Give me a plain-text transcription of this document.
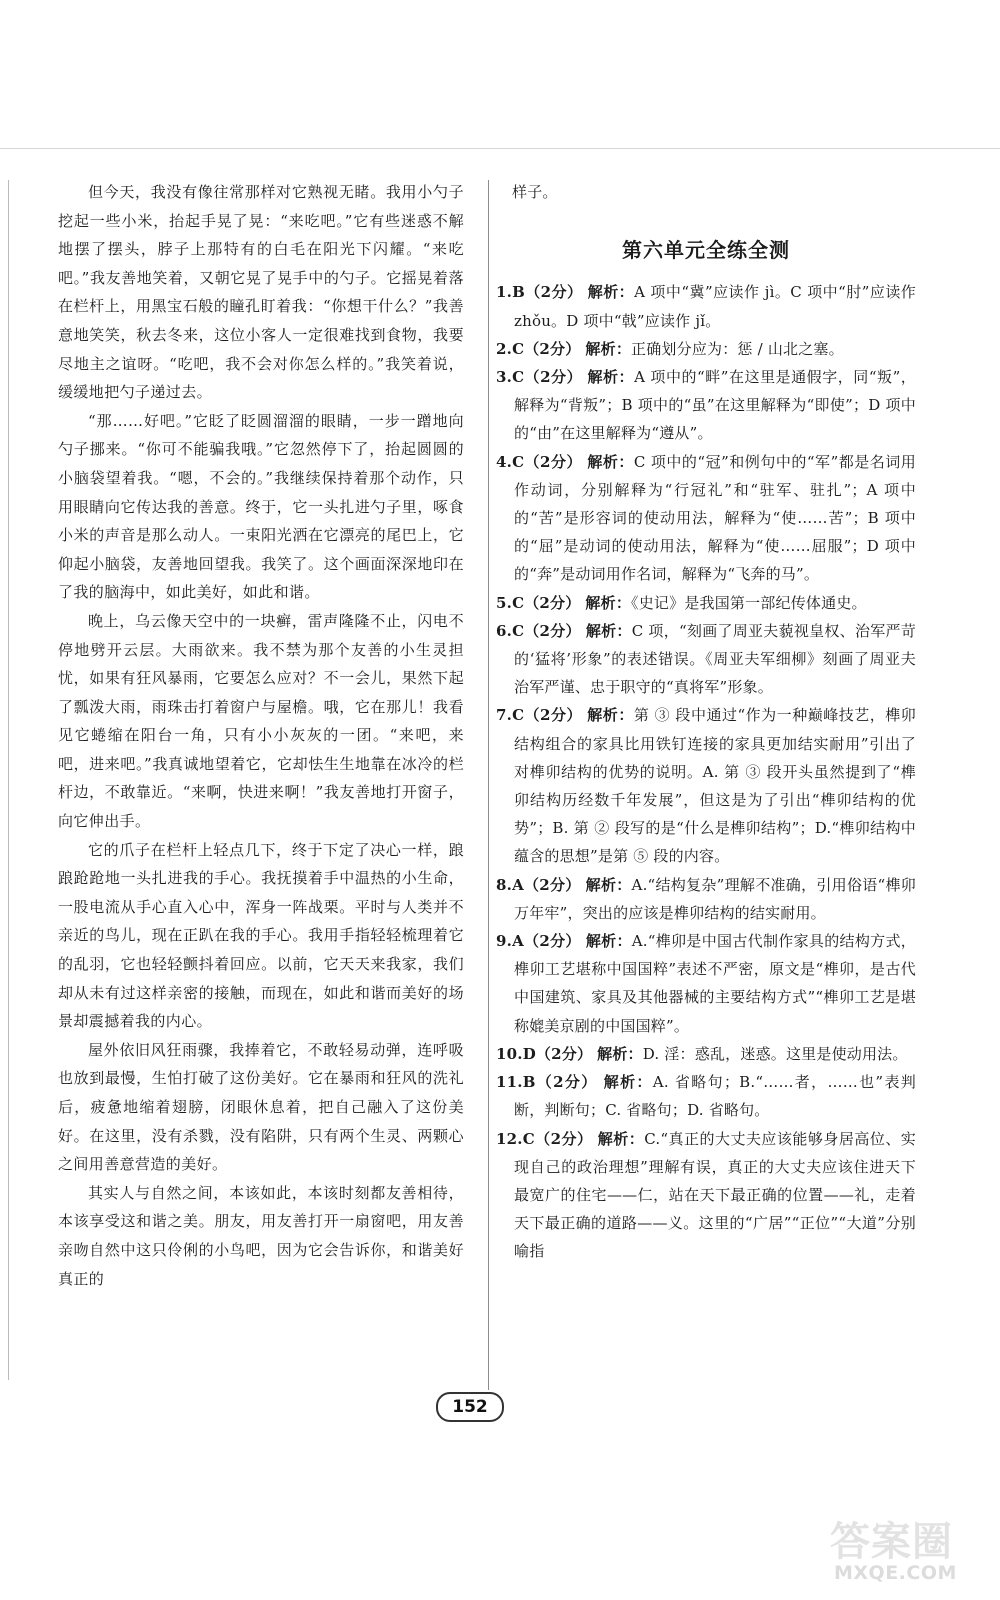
但今天，我没有像往常那样对它熟视无睹。我用小勺子挖起一些小米，抬起手晃了晃：“来吃吧。”它有些迷惑不解地摆了摆头，脖子上那特有的白毛在阳光下闪耀。“来吃吧。”我友善地笑着，又朝它晃了晃手中的勺子。它摇晃着落在栏杆上，用黑宝石般的瞳孔盯着我：“你想干什么？”我善意地笑笑，秋去冬来，这位小客人一定很难找到食物，我要尽地主之谊呀。“吃吧，我不会对你怎么样的。”我笑着说，缓缓地把勺子递过去。

“那……好吧。”它眨了眨圆溜溜的眼睛，一步一蹭地向勺子挪来。“你可不能骗我哦。”它忽然停下了，抬起圆圆的小脑袋望着我。“嗯，不会的。”我继续保持着那个动作，只用眼睛向它传达我的善意。终于，它一头扎进勺子里，啄食小米的声音是那么动人。一束阳光洒在它漂亮的尾巴上，它仰起小脑袋，友善地回望我。我笑了。这个画面深深地印在了我的脑海中，如此美好，如此和谐。

晚上，乌云像天空中的一块癣，雷声隆隆不止，闪电不停地劈开云层。大雨欲来。我不禁为那个友善的小生灵担忧，如果有狂风暴雨，它要怎么应对？不一会儿，果然下起了瓢泼大雨，雨珠击打着窗户与屋檐。哦，它在那儿！我看见它蜷缩在阳台一角，只有小小灰灰的一团。“来吧，来吧，进来吧。”我真诚地望着它，它却怯生生地靠在冰冷的栏杆边，不敢靠近。“来啊，快进来啊！”我友善地打开窗子，向它伸出手。

它的爪子在栏杆上轻点几下，终于下定了决心一样，踉踉跄跄地一头扎进我的手心。我抚摸着手中温热的小生命，一股电流从手心直入心中，浑身一阵战栗。平时与人类并不亲近的鸟儿，现在正趴在我的手心。我用手指轻轻梳理着它的乱羽，它也轻轻颤抖着回应。以前，它天天来我家，我们却从未有过这样亲密的接触，而现在，如此和谐而美好的场景却震撼着我的内心。

屋外依旧风狂雨骤，我捧着它，不敢轻易动弹，连呼吸也放到最慢，生怕打破了这份美好。它在暴雨和狂风的洗礼后，疲惫地缩着翅膀，闭眼休息着，把自己融入了这份美好。在这里，没有杀戮，没有陷阱，只有两个生灵、两颗心之间用善意营造的美好。

其实人与自然之间，本该如此，本该时刻都友善相待，本该享受这和谐之美。朋友，用友善打开一扇窗吧，用友善亲吻自然中这只伶俐的小鸟吧，因为它会告诉你，和谐美好真正的

样子。

第六单元全练全测

1.B（2分） 解析：A 项中“冀”应读作 jì。C 项中“肘”应读作 zhǒu。D 项中“戟”应读作 jǐ。

2.C（2分） 解析：正确划分应为：惩 / 山北之塞。

3.C（2分） 解析：A 项中的“畔”在这里是通假字，同“叛”，解释为“背叛”；B 项中的“虽”在这里解释为“即使”；D 项中的“由”在这里解释为“遵从”。

4.C（2分） 解析：C 项中的“冠”和例句中的“军”都是名词用作动词，分别解释为“行冠礼”和“驻军、驻扎”；A 项中的“苦”是形容词的使动用法，解释为“使……苦”；B 项中的“屈”是动词的使动用法，解释为“使……屈服”；D 项中的“奔”是动词用作名词，解释为“飞奔的马”。

5.C（2分） 解析：《史记》是我国第一部纪传体通史。

6.C（2分） 解析：C 项，“刻画了周亚夫藐视皇权、治军严苛的‘猛将’形象”的表述错误。《周亚夫军细柳》刻画了周亚夫治军严谨、忠于职守的“真将军”形象。

7.C（2分） 解析：第 ③ 段中通过“作为一种巅峰技艺，榫卯结构组合的家具比用铁钉连接的家具更加结实耐用”引出了对榫卯结构的优势的说明。A. 第 ③ 段开头虽然提到了“榫卯结构历经数千年发展”，但这是为了引出“榫卯结构的优势”；B. 第 ② 段写的是“什么是榫卯结构”；D.“榫卯结构中蕴含的思想”是第 ⑤ 段的内容。

8.A（2分） 解析：A.“结构复杂”理解不准确，引用俗语“榫卯万年牢”，突出的应该是榫卯结构的结实耐用。

9.A（2分） 解析：A.“榫卯是中国古代制作家具的结构方式，榫卯工艺堪称中国国粹”表述不严密，原文是“榫卯，是古代中国建筑、家具及其他器械的主要结构方式”“榫卯工艺是堪称媲美京剧的中国国粹”。

10.D（2分） 解析：D. 淫：惑乱，迷惑。这里是使动用法。

11.B（2分） 解析：A. 省略句；B.“……者，……也”表判断，判断句；C. 省略句；D. 省略句。

12.C（2分） 解析：C.“真正的大丈夫应该能够身居高位、实现自己的政治理想”理解有误，真正的大丈夫应该住进天下最宽广的住宅——仁，站在天下最正确的位置——礼，走着天下最正确的道路——义。这里的“广居”“正位”“大道”分别喻指

152
答案圈
MXQE.COM
